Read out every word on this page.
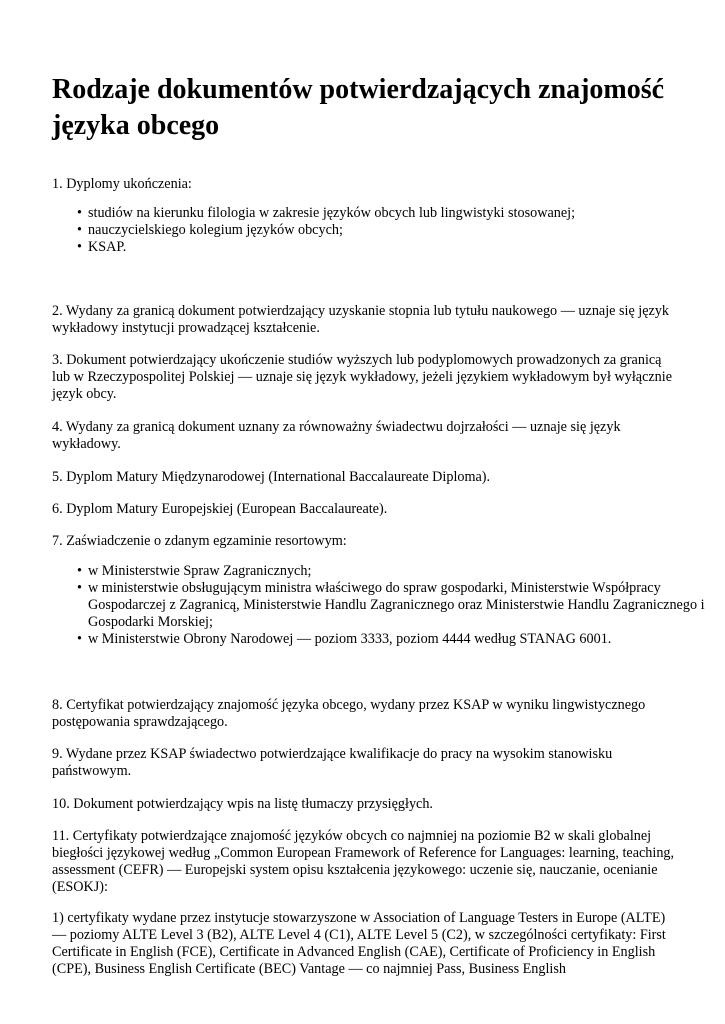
Rodzaje dokumentów potwierdzających znajomość języka obcego

1. Dyplomy ukończenia:

• studiów na kierunku filologia w zakresie języków obcych lub lingwistyki stosowanej;
• nauczycielskiego kolegium języków obcych;
• KSAP.

2. Wydany za granicą dokument potwierdzający uzyskanie stopnia lub tytułu naukowego — uznaje się język wykładowy instytucji prowadzącej kształcenie.

3. Dokument potwierdzający ukończenie studiów wyższych lub podyplomowych prowadzonych za granicą lub w Rzeczypospolitej Polskiej — uznaje się język wykładowy, jeżeli językiem wykładowym był wyłącznie język obcy.

4. Wydany za granicą dokument uznany za równoważny świadectwu dojrzałości — uznaje się język wykładowy.

5. Dyplom Matury Międzynarodowej (International Baccalaureate Diploma).

6. Dyplom Matury Europejskiej (European Baccalaureate).

7. Zaświadczenie o zdanym egzaminie resortowym:

• w Ministerstwie Spraw Zagranicznych;
• w ministerstwie obsługującym ministra właściwego do spraw gospodarki, Ministerstwie Współpracy Gospodarczej z Zagranicą, Ministerstwie Handlu Zagranicznego oraz Ministerstwie Handlu Zagranicznego i Gospodarki Morskiej;
• w Ministerstwie Obrony Narodowej — poziom 3333, poziom 4444 według STANAG 6001.

8. Certyfikat potwierdzający znajomość języka obcego, wydany przez KSAP w wyniku lingwistycznego postępowania sprawdzającego.

9. Wydane przez KSAP świadectwo potwierdzające kwalifikacje do pracy na wysokim stanowisku państwowym.

10. Dokument potwierdzający wpis na listę tłumaczy przysięgłych.

11. Certyfikaty potwierdzające znajomość języków obcych co najmniej na poziomie B2 w skali globalnej biegłości językowej według „Common European Framework of Reference for Languages: learning, teaching, assessment (CEFR) — Europejski system opisu kształcenia językowego: uczenie się, nauczanie, ocenianie (ESOKJ):

1) certyfikaty wydane przez instytucje stowarzyszone w Association of Language Testers in Europe (ALTE) — poziomy ALTE Level 3 (B2), ALTE Level 4 (C1), ALTE Level 5 (C2), w szczególności certyfikaty: First Certificate in English (FCE), Certificate in Advanced English (CAE), Certificate of Proficiency in English (CPE), Business English Certificate (BEC) Vantage — co najmniej Pass, Business English
